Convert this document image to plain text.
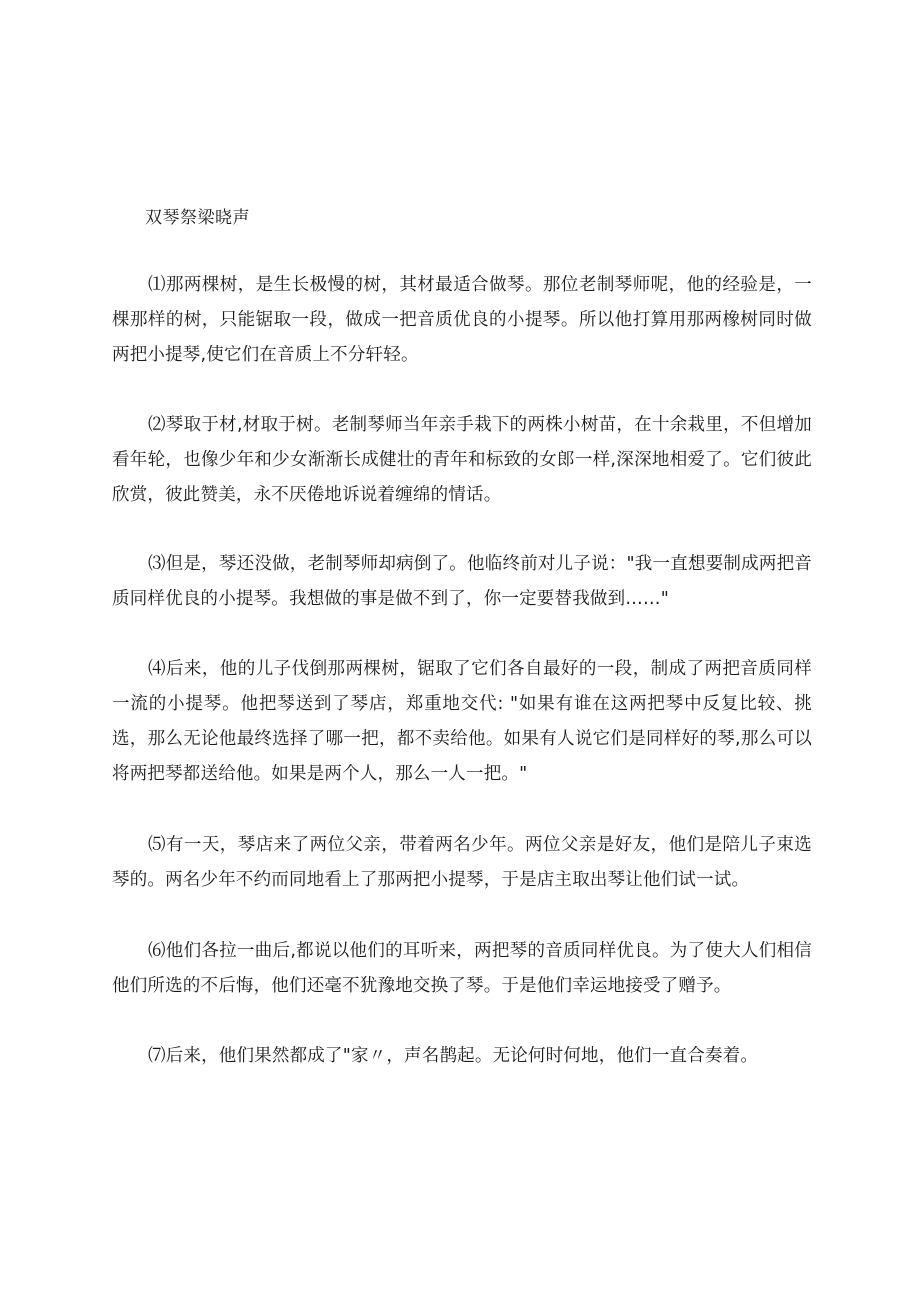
双琴祭梁晓声

⑴那两棵树，是生长极慢的树，其材最适合做琴。那位老制琴师呢，他的经验是，一棵那样的树，只能锯取一段，做成一把音质优良的小提琴。所以他打算用那两橡树同时做两把小提琴,使它们在音质上不分轩轻。

⑵琴取于材,材取于树。老制琴师当年亲手栽下的两株小树苗，在十余栽里，不但增加看年轮，也像少年和少女渐渐长成健壮的青年和标致的女郎一样,深深地相爱了。它们彼此欣赏，彼此赞美，永不厌倦地诉说着缠绵的情话。

⑶但是，琴还没做，老制琴师却病倒了。他临终前对儿子说："我一直想要制成两把音质同样优良的小提琴。我想做的事是做不到了，你一定要替我做到……"

⑷后来，他的儿子伐倒那两棵树，锯取了它们各自最好的一段，制成了两把音质同样一流的小提琴。他把琴送到了琴店，郑重地交代: "如果有谁在这两把琴中反复比较、挑选，那么无论他最终选择了哪一把，都不卖给他。如果有人说它们是同样好的琴,那么可以将两把琴都送给他。如果是两个人，那么一人一把。"

⑸有一天，琴店来了两位父亲，带着两名少年。两位父亲是好友，他们是陪儿子束选琴的。两名少年不约而同地看上了那两把小提琴，于是店主取出琴让他们试一试。

⑹他们各拉一曲后,都说以他们的耳听来，两把琴的音质同样优良。为了使大人们相信他们所选的不后悔，他们还毫不犹豫地交换了琴。于是他们幸运地接受了赠予。

⑺后来，他们果然都成了"家〃，声名鹊起。无论何时何地，他们一直合奏着。
